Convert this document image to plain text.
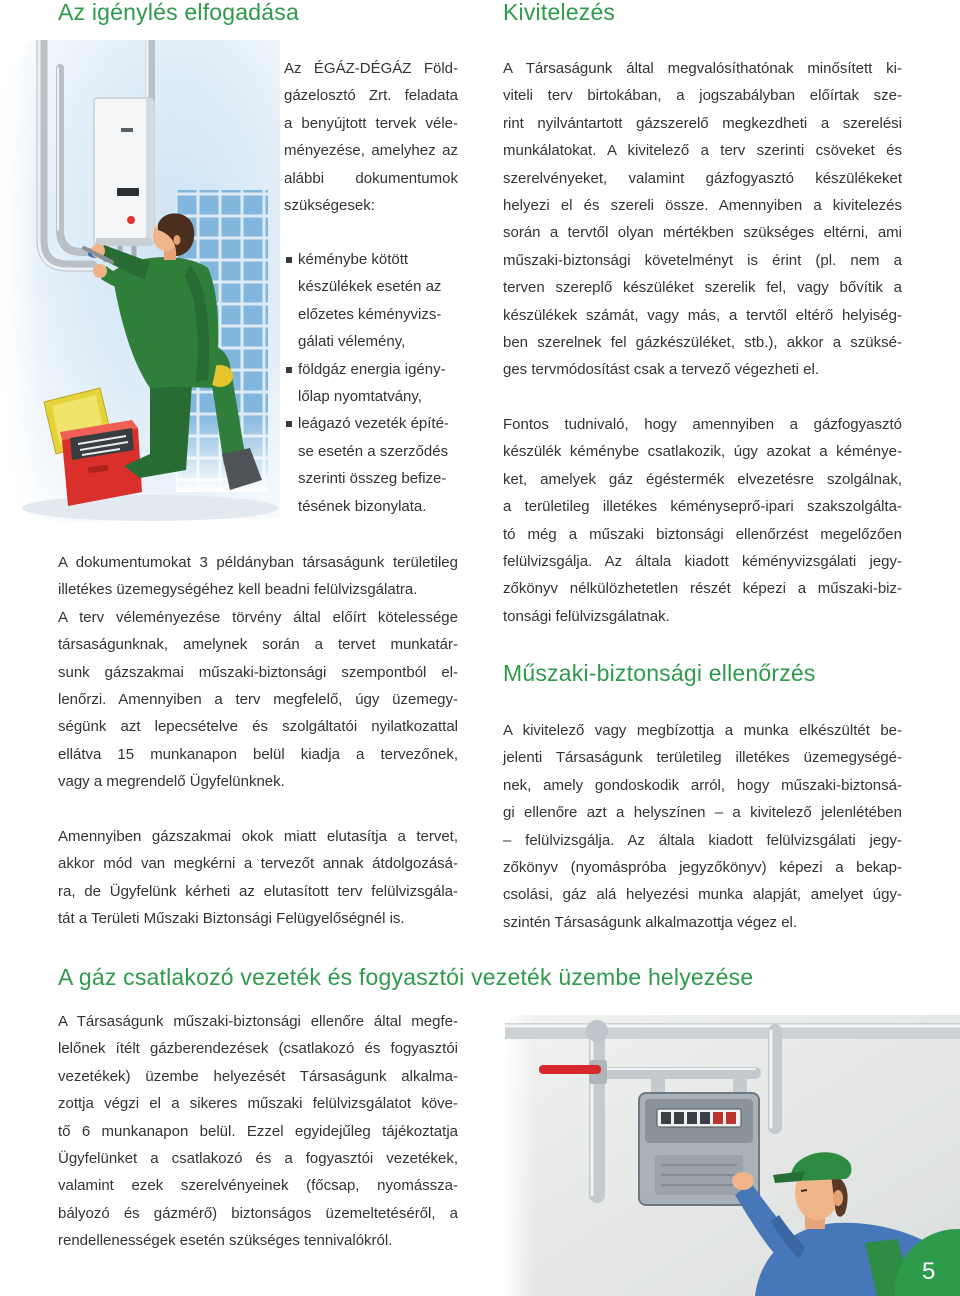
Az igénylés elfogadása	Kivitelezés
Műszaki-biztonsági ellenőrzés
A gáz csatlakozó vezeték és fogyasztói vezeték üzembe helyezése
Az ÉGÁZ-DÉGÁZ Föld-
gázelosztó Zrt. feladata
a benyújtott tervek véle-
ményezése, amelyhez az
alábbi dokumentumok
szükségesek:
kéménybe kötött
készülékek esetén az
előzetes kéményvizs-
gálati vélemény,
földgáz energia igény-
lőlap nyomtatvány,
leágazó vezeték építé-
se esetén a szerződés
szerinti összeg befize-
tésének bizonylata.
A dokumentumokat 3 példányban társaságunk területileg
illetékes üzemegységéhez kell beadni felülvizsgálatra.
A terv véleményezése törvény által előírt kötelessége
társaságunknak, amelynek során a tervet munkatár-
sunk gázszakmai műszaki-biztonsági szempontból el-
lenőrzi. Amennyiben a terv megfelelő, úgy üzemegy-
ségünk azt lepecsételve és szolgáltatói nyilatkozattal
ellátva 15 munkanapon belül kiadja a tervezőnek,
vagy a megrendelő Ügyfelünknek.
Amennyiben gázszakmai okok miatt elutasítja a tervet,
akkor mód van megkérni a tervezőt annak átdolgozásá-
ra, de Ügyfelünk kérheti az elutasított terv felülvizsgála-
tát a Területi Műszaki Biztonsági Felügyelőségnél is.
A Társaságunk által megvalósíthatónak minősített ki-
viteli terv birtokában, a jogszabályban előírtak sze-
rint nyilvántartott gázszerelő megkezdheti a szerelési
munkálatokat. A kivitelező a terv szerinti csöveket és
szerelvényeket, valamint gázfogyasztó készülékeket
helyezi el és szereli össze. Amennyiben a kivitelezés
során a tervtől olyan mértékben szükséges eltérni, ami
műszaki-biztonsági követelményt is érint (pl. nem a
terven szereplő készüléket szerelik fel, vagy bővítik a
készülékek számát, vagy más, a tervtől eltérő helyiség-
ben szerelnek fel gázkészüléket, stb.), akkor a szüksé-
ges tervmódosítást csak a tervező végezheti el.
Fontos tudnivaló, hogy amennyiben a gázfogyasztó
készülék kéménybe csatlakozik, úgy azokat a kéménye-
ket, amelyek gáz égéstermék elvezetésre szolgálnak,
a területileg illetékes kéményseprő-ipari szakszolgálta-
tó még a műszaki biztonsági ellenőrzést megelőzően
felülvizsgálja. Az általa kiadott kéményvizsgálati jegy-
zőkönyv nélkülözhetetlen részét képezi a műszaki-biz-
tonsági felülvizsgálatnak.
A kivitelező vagy megbízottja a munka elkészültét be-
jelenti Társaságunk területileg illetékes üzemegységé-
nek, amely gondoskodik arról, hogy műszaki-biztonsá-
gi ellenőre azt a helyszínen – a kivitelező jelenlétében
– felülvizsgálja. Az általa kiadott felülvizsgálati jegy-
zőkönyv (nyomáspróba jegyzőkönyv) képezi a bekap-
csolási, gáz alá helyezési munka alapját, amelyet úgy-
szintén Társaságunk alkalmazottja végez el.
A Társaságunk műszaki-biztonsági ellenőre által megfe-
lelőnek ítélt gázberendezések (csatlakozó és fogyasztói
vezetékek) üzembe helyezését Társaságunk alkalma-
zottja végzi el a sikeres műszaki felülvizsgálatot köve-
tő 6 munkanapon belül. Ezzel egyidejűleg tájékoztatja
Ügyfelünket a csatlakozó és a fogyasztói vezetékek,
valamint ezek szerelvényeinek (főcsap, nyomássza-
bályozó és gázmérő) biztonságos üzemeltetéséről, a
rendellenességek esetén szükséges tennivalókról.
5
